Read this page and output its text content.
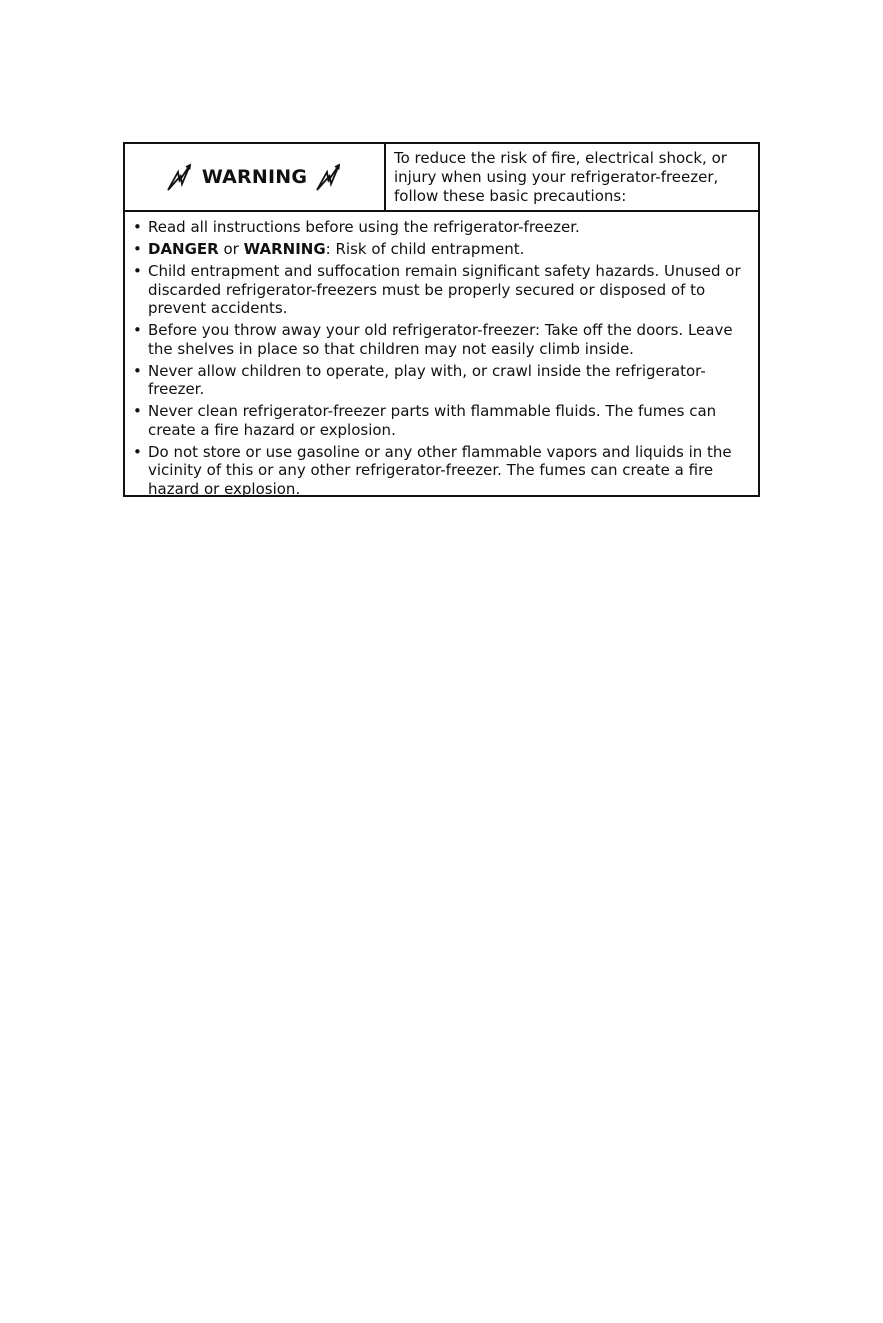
WARNING
To reduce the risk of fire, electrical shock, or injury when using your refrigerator-freezer, follow these basic precautions:
• Read all instructions before using the refrigerator-freezer.
• DANGER or WARNING: Risk of child entrapment.
• Child entrapment and suffocation remain significant safety hazards. Unused or discarded refrigerator-freezers must be properly secured or disposed of to prevent accidents.
• Before you throw away your old refrigerator-freezer: Take off the doors. Leave the shelves in place so that children may not easily climb inside.
• Never allow children to operate, play with, or crawl inside the refrigerator-freezer.
• Never clean refrigerator-freezer parts with flammable fluids. The fumes can create a fire hazard or explosion.
• Do not store or use gasoline or any other flammable vapors and liquids in the vicinity of this or any other refrigerator-freezer. The fumes can create a fire hazard or explosion.
